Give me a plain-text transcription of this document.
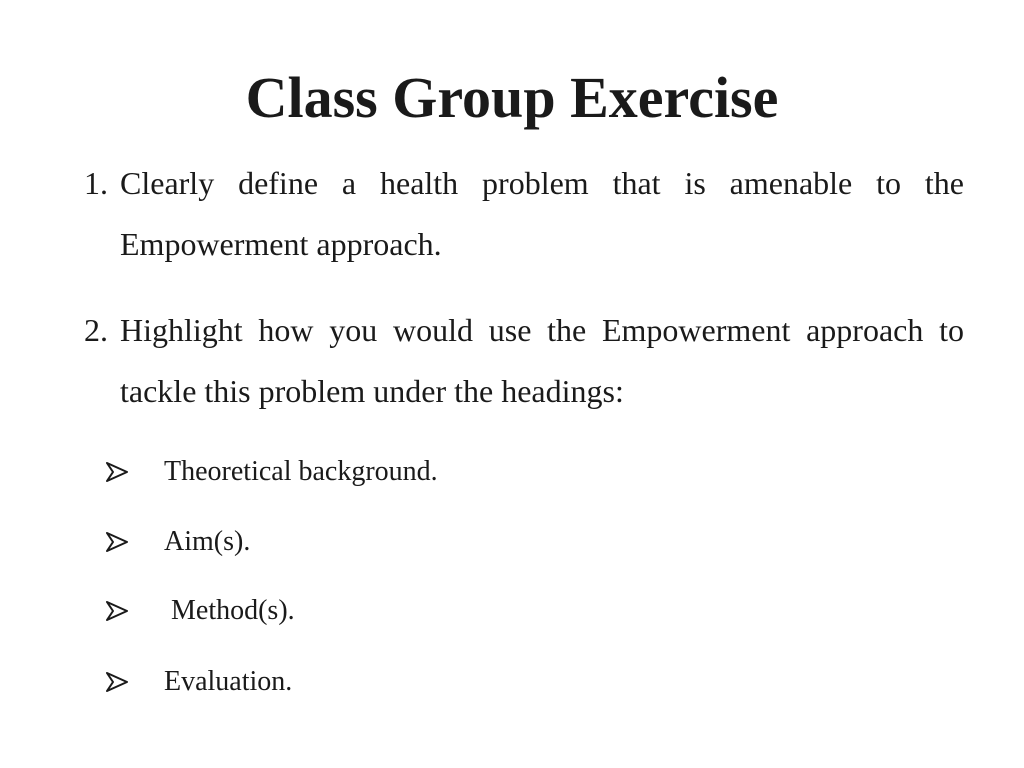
Class Group Exercise
1. Clearly define a health problem that is amenable to the Empowerment approach.
2. Highlight how you would use the Empowerment approach to tackle this problem under the headings:
Theoretical background.
Aim(s).
Method(s).
Evaluation.
